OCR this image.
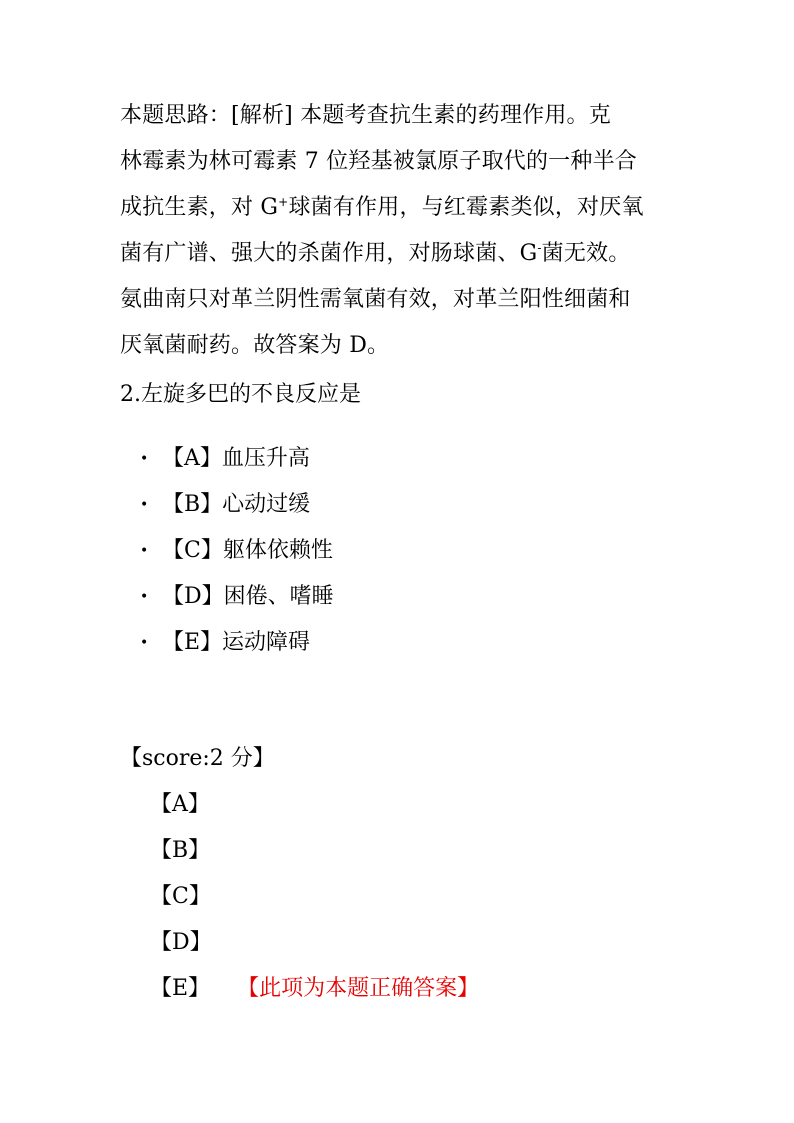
本题思路：[解析] 本题考查抗生素的药理作用。克
林霉素为林可霉素 7 位羟基被氯原子取代的一种半合
成抗生素，对 G+球菌有作用，与红霉素类似，对厌氧
菌有广谱、强大的杀菌作用，对肠球菌、G-菌无效。
氨曲南只对革兰阴性需氧菌有效，对革兰阳性细菌和
厌氧菌耐药。故答案为 D。
2.左旋多巴的不良反应是
• 【A】血压升高
• 【B】心动过缓
• 【C】躯体依赖性
• 【D】困倦、嗜睡
• 【E】运动障碍
【score:2 分】
【A】
【B】
【C】
【D】
【E】 【此项为本题正确答案】
